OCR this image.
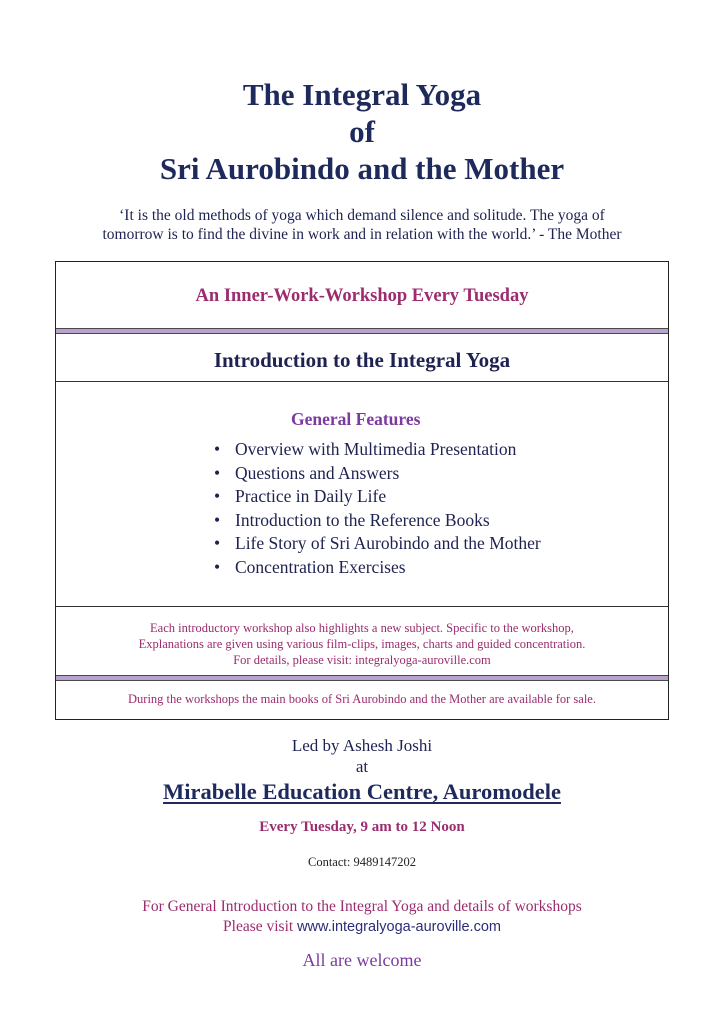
The Integral Yoga
of
Sri Aurobindo and the Mother
‘It is the old methods of yoga which demand silence and solitude. The yoga of
tomorrow is to find the divine in work and in relation with the world.’ - The Mother
An Inner-Work-Workshop Every Tuesday
Introduction to the Integral Yoga
General Features
• Overview with Multimedia Presentation
• Questions and Answers
• Practice in Daily Life
• Introduction to the Reference Books
• Life Story of Sri Aurobindo and the Mother
• Concentration Exercises
Each introductory workshop also highlights a new subject. Specific to the workshop,
Explanations are given using various film-clips, images, charts and guided concentration.
For details, please visit: integralyoga-auroville.com
During the workshops the main books of Sri Aurobindo and the Mother are available for sale.
Led by Ashesh Joshi
at
Mirabelle Education Centre, Auromodele
Every Tuesday, 9 am to 12 Noon
Contact: 9489147202
For General Introduction to the Integral Yoga and details of workshops
Please visit www.integralyoga-auroville.com
All are welcome
